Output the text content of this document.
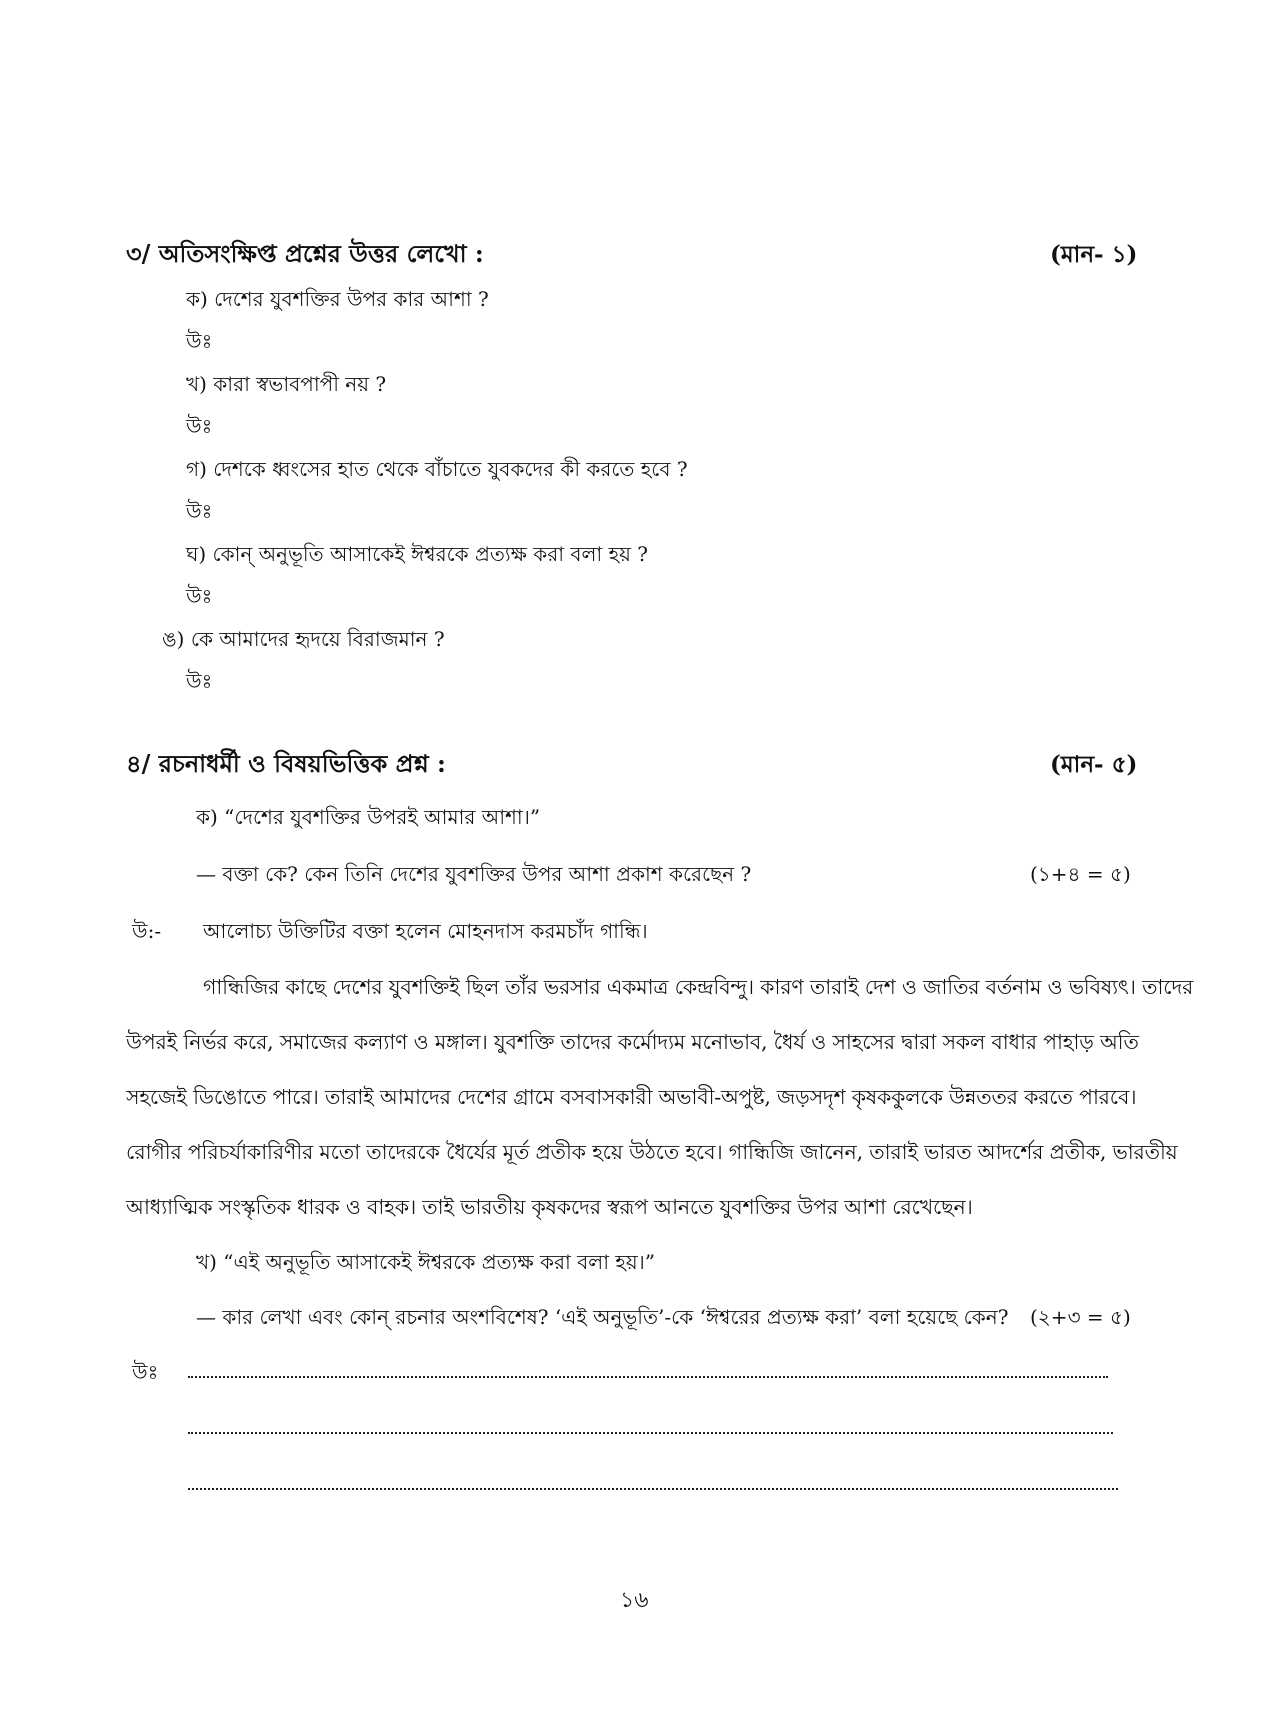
৩/ অতিসংক্ষিপ্ত প্রশ্নের উত্তর লেখো :	(মান- ১)
ক) দেশের যুবশক্তির উপর কার আশা ?
উঃ
খ) কারা স্বভাবপাপী নয় ?
উঃ
গ) দেশকে ধ্বংসের হাত থেকে বাঁচাতে যুবকদের কী করতে হবে ?
উঃ
ঘ) কোন্ অনুভূতি আসাকেই ঈশ্বরকে প্রত্যক্ষ করা বলা হয় ?
উঃ
ঙ) কে আমাদের হৃদয়ে বিরাজমান ?
উঃ
৪/ রচনাধর্মী ও বিষয়ভিত্তিক প্রশ্ন :	(মান- ৫)
ক) “দেশের যুবশক্তির উপরই আমার আশা।”
— বক্তা কে? কেন তিনি দেশের যুবশক্তির উপর আশা প্রকাশ করেছেন ?	(১+৪ = ৫)
উ:- আলোচ্য উক্তিটির বক্তা হলেন মোহনদাস করমচাঁদ গান্ধি।
গান্ধিজির কাছে দেশের যুবশক্তিই ছিল তাঁর ভরসার একমাত্র কেন্দ্রবিন্দু। কারণ তারাই দেশ ও জাতির বর্তনাম ও ভবিষ্যৎ। তাদের
উপরই নির্ভর করে, সমাজের কল্যাণ ও মঙ্গাল। যুবশক্তি তাদের কর্মোদ্যম মনোভাব, ধৈর্য ও সাহসের দ্বারা সকল বাধার পাহাড় অতি
সহজেই ডিঙোতে পারে। তারাই আমাদের দেশের গ্রামে বসবাসকারী অভাবী-অপুষ্ট, জড়সদৃশ কৃষককুলকে উন্নততর করতে পারবে।
রোগীর পরিচর্যাকারিণীর মতো তাদেরকে ধৈর্যের মূর্ত প্রতীক হয়ে উঠতে হবে। গান্ধিজি জানেন, তারাই ভারত আদর্শের প্রতীক, ভারতীয়
আধ্যাত্মিক সংস্কৃতিক ধারক ও বাহক। তাই ভারতীয় কৃষকদের স্বরূপ আনতে যুবশক্তির উপর আশা রেখেছেন।
খ) “এই অনুভূতি আসাকেই ঈশ্বরকে প্রত্যক্ষ করা বলা হয়।”
— কার লেখা এবং কোন্ রচনার অংশবিশেষ? ‘এই অনুভূতি’-কে ‘ঈশ্বরের প্রত্যক্ষ করা’ বলা হয়েছে কেন? (২+৩ = ৫)
উঃ
১৬
